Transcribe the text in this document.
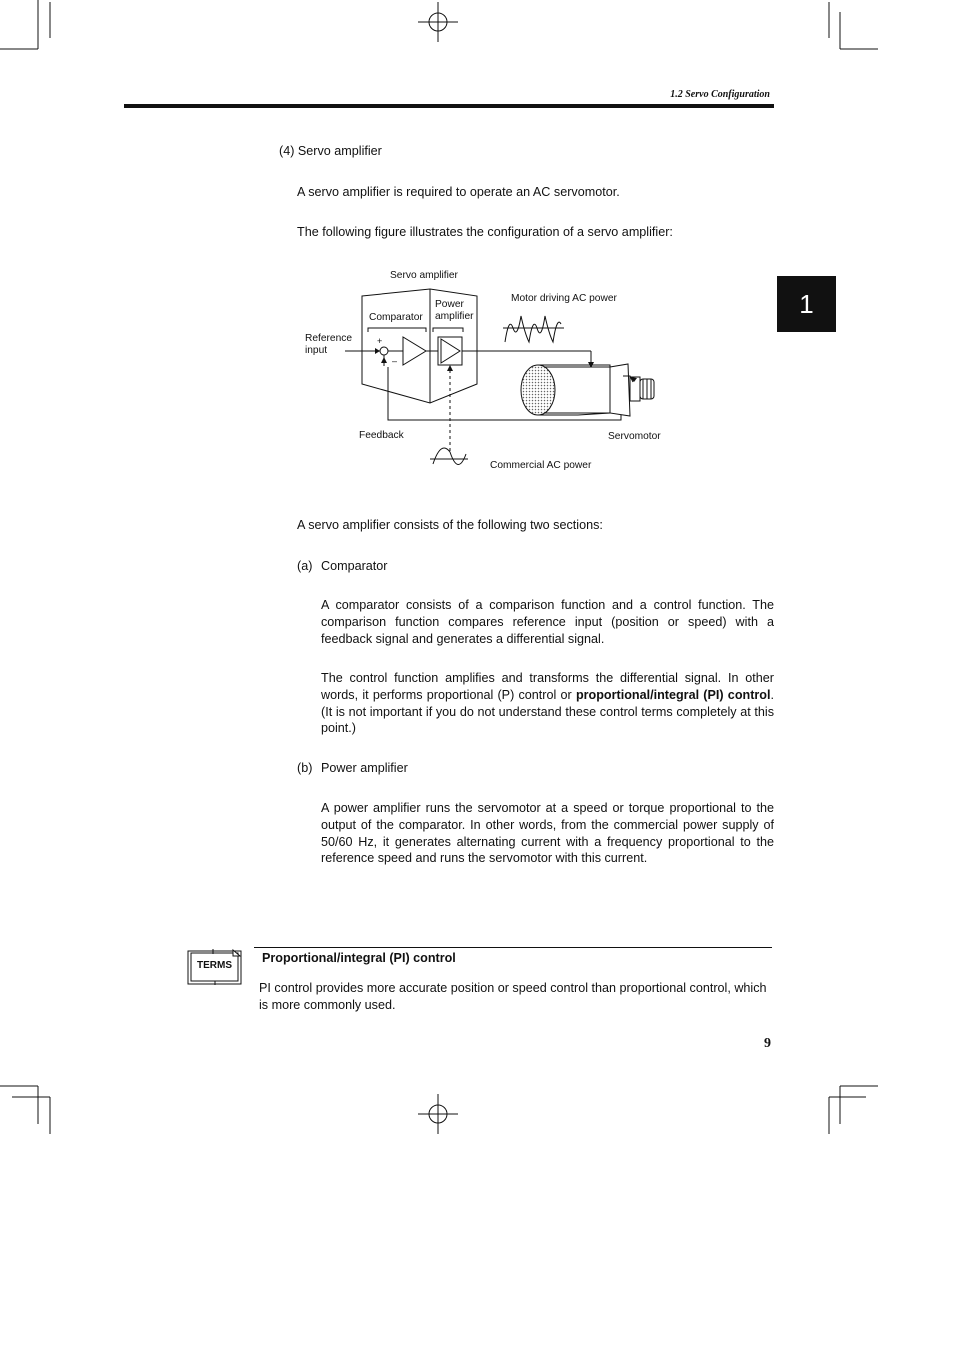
1.2 Servo Configuration
1
(4) Servo amplifier
A servo amplifier is required to operate an AC servomotor.
The following figure illustrates the configuration of a servo amplifier:
Servo amplifier
Comparator
Power
amplifier
Reference
input
+
–
Motor driving AC power
Feedback	Servomotor
Commercial AC power
A servo amplifier consists of the following two sections:
(a) Comparator
A comparator consists of a comparison function and a control function. The comparison function compares reference input (position or speed) with a feedback signal and generates a differential signal.
The control function amplifies and transforms the differential signal. In other words, it performs proportional (P) control or proportional/integral (PI) control. (It is not important if you do not understand these control terms completely at this point.)
(b) Power amplifier
A power amplifier runs the servomotor at a speed or torque proportional to the output of the comparator. In other words, from the commercial power supply of 50/60 Hz, it generates alternating current with a frequency proportional to the reference speed and runs the servomotor with this current.
TERMS
Proportional/integral (PI) control
PI control provides more accurate position or speed control than proportional control, which is more commonly used.
9
